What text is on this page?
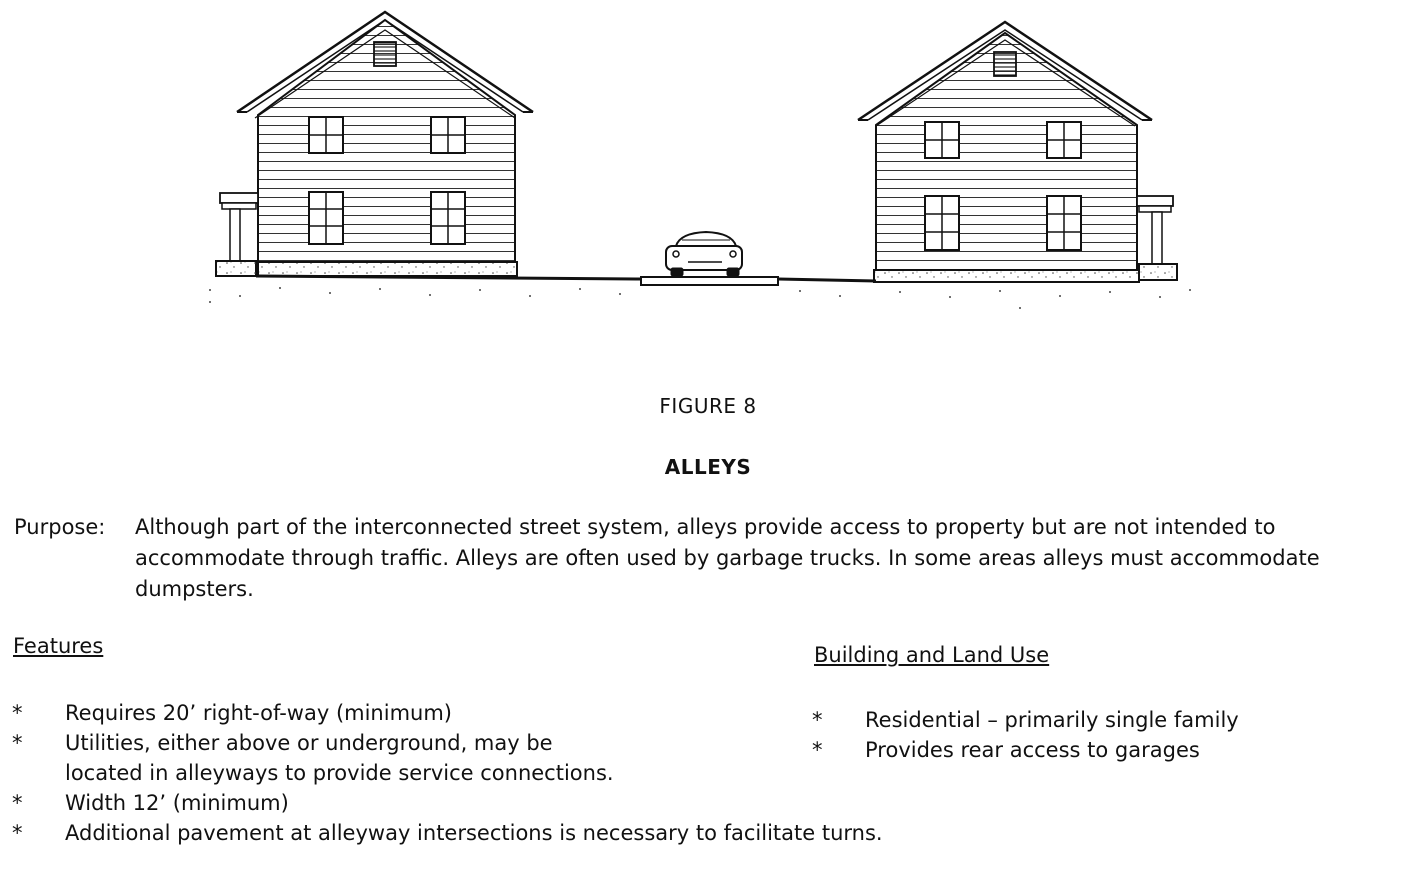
FIGURE 8
ALLEYS
Purpose: Although part of the interconnected street system, alleys provide access to property but are not intended to accommodate through traffic. Alleys are often used by garbage trucks. In some areas alleys must accommodate dumpsters.
Features
* Requires 20’ right-of-way (minimum)
* Utilities, either above or underground, may be located in alleyways to provide service connections.
* Width 12’ (minimum)
* Additional pavement at alleyway intersections is necessary to facilitate turns.
Building and Land Use
* Residential – primarily single family
* Provides rear access to garages
